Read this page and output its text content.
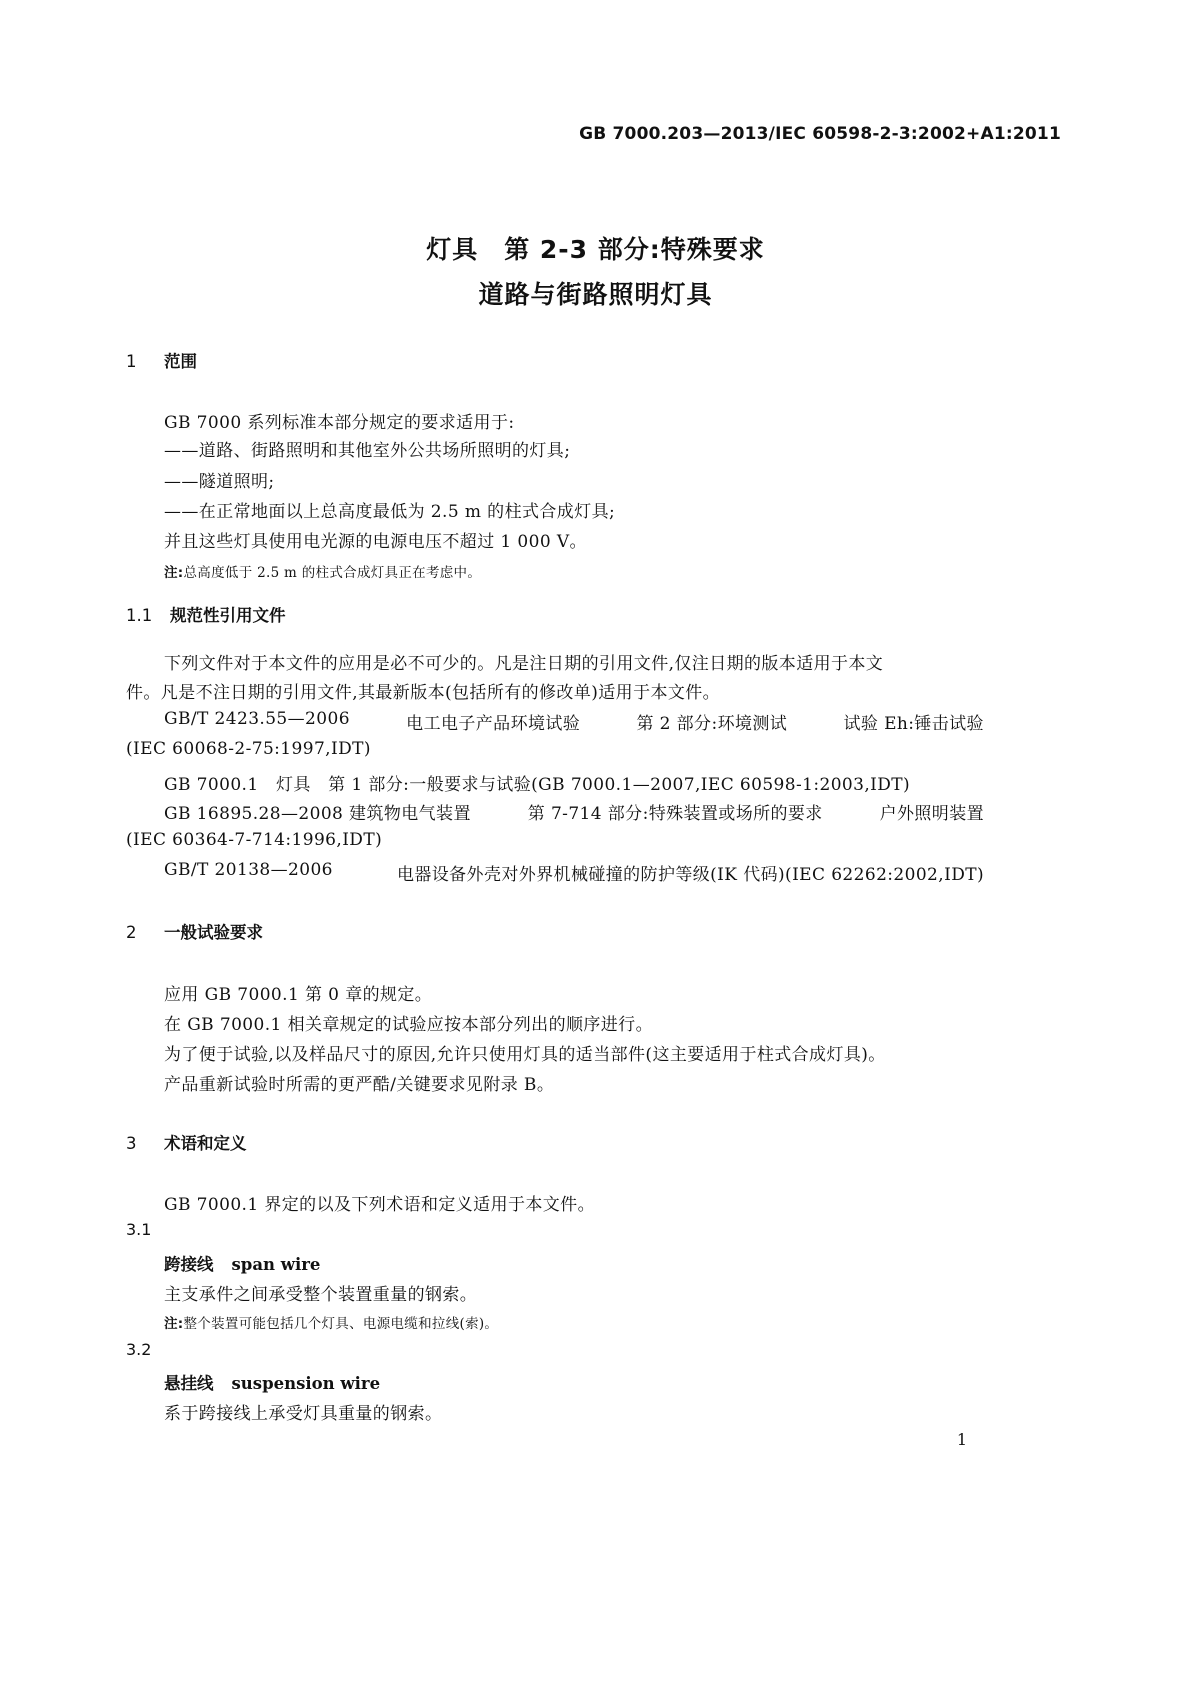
GB 7000.203—2013/IEC 60598-2-3:2002+A1:2011
灯具　第 2-3 部分:特殊要求
道路与街路照明灯具
1 范围
GB 7000 系列标准本部分规定的要求适用于:
——道路、街路照明和其他室外公共场所照明的灯具;
——隧道照明;
——在正常地面以上总高度最低为 2.5 m 的柱式合成灯具;
并且这些灯具使用电光源的电源电压不超过 1 000 V。
注:总高度低于 2.5 m 的柱式合成灯具正在考虑中。
1.1 规范性引用文件
下列文件对于本文件的应用是必不可少的。凡是注日期的引用文件,仅注日期的版本适用于本文
件。凡是不注日期的引用文件,其最新版本(包括所有的修改单)适用于本文件。
GB/T 2423.55—2006	电工电子产品环境试验	第 2 部分:环境测试	试验 Eh:锤击试验
(IEC 60068-2-75:1997,IDT)
GB 7000.1　灯具　第 1 部分:一般要求与试验(GB 7000.1—2007,IEC 60598-1:2003,IDT)
GB 16895.28—2008 建筑物电气装置	第 7-714 部分:特殊装置或场所的要求	户外照明装置
(IEC 60364-7-714:1996,IDT)
GB/T 20138—2006	电器设备外壳对外界机械碰撞的防护等级(IK 代码)(IEC 62262:2002,IDT)
2 一般试验要求
应用 GB 7000.1 第 0 章的规定。
在 GB 7000.1 相关章规定的试验应按本部分列出的顺序进行。
为了便于试验,以及样品尺寸的原因,允许只使用灯具的适当部件(这主要适用于柱式合成灯具)。
产品重新试验时所需的更严酷/关键要求见附录 B。
3 术语和定义
GB 7000.1 界定的以及下列术语和定义适用于本文件。
3.1
跨接线 span wire
主支承件之间承受整个装置重量的钢索。
注:整个装置可能包括几个灯具、电源电缆和拉线(索)。
3.2
悬挂线 suspension wire
系于跨接线上承受灯具重量的钢索。
1
